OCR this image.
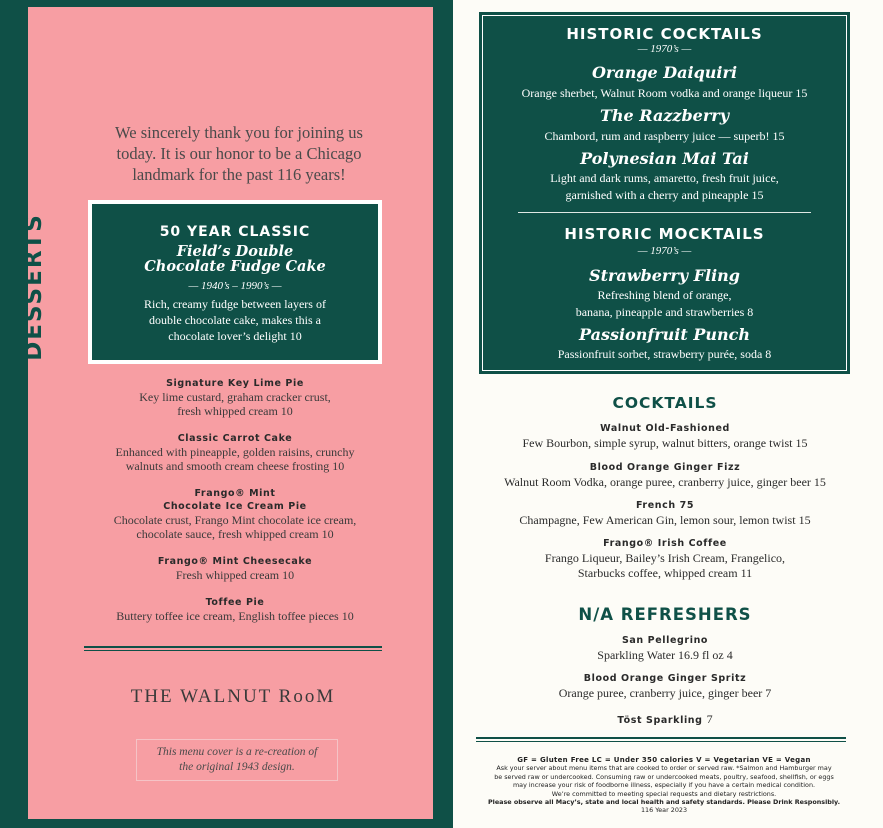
DESSERTS
We sincerely thank you for joining us
today. It is our honor to be a Chicago
landmark for the past 116 years!
50 YEAR CLASSIC
Field’s Double
Chocolate Fudge Cake
— 1940’s – 1990’s —
Rich, creamy fudge between layers of
double chocolate cake, makes this a
chocolate lover’s delight 10
Signature Key Lime Pie
Key lime custard, graham cracker crust,
fresh whipped cream 10
Classic Carrot Cake
Enhanced with pineapple, golden raisins, crunchy
walnuts and smooth cream cheese frosting 10
Frango® Mint
Chocolate Ice Cream Pie
Chocolate crust, Frango Mint chocolate ice cream,
chocolate sauce, fresh whipped cream 10
Frango® Mint Cheesecake
Fresh whipped cream 10
Toffee Pie
Buttery toffee ice cream, English toffee pieces 10
THE WALNUT RooM
This menu cover is a re-creation of
the original 1943 design.
HISTORIC COCKTAILS
— 1970’s —
Orange Daiquiri
Orange sherbet, Walnut Room vodka and orange liqueur 15
The Razzberry
Chambord, rum and raspberry juice — superb! 15
Polynesian Mai Tai
Light and dark rums, amaretto, fresh fruit juice,
garnished with a cherry and pineapple 15
HISTORIC MOCKTAILS
— 1970’s —
Strawberry Fling
Refreshing blend of orange,
banana, pineapple and strawberries 8
Passionfruit Punch
Passionfruit sorbet, strawberry purée, soda 8
COCKTAILS
Walnut Old-Fashioned
Few Bourbon, simple syrup, walnut bitters, orange twist 15
Blood Orange Ginger Fizz
Walnut Room Vodka, orange puree, cranberry juice, ginger beer 15
French 75
Champagne, Few American Gin, lemon sour, lemon twist 15
Frango® Irish Coffee
Frango Liqueur, Bailey’s Irish Cream, Frangelico,
Starbucks coffee, whipped cream 11
N/A REFRESHERS
San Pellegrino
Sparkling Water 16.9 fl oz 4
Blood Orange Ginger Spritz
Orange puree, cranberry juice, ginger beer 7
Töst Sparkling 7
GF = Gluten Free LC = Under 350 calories V = Vegetarian VE = Vegan
Ask your server about menu items that are cooked to order or served raw. *Salmon and Hamburger may
be served raw or undercooked. Consuming raw or undercooked meats, poultry, seafood, shellfish, or eggs
may increase your risk of foodborne illness, especially if you have a certain medical condition.
We’re committed to meeting special requests and dietary restrictions.
Please observe all Macy’s, state and local health and safety standards. Please Drink Responsibly.
116 Year 2023
